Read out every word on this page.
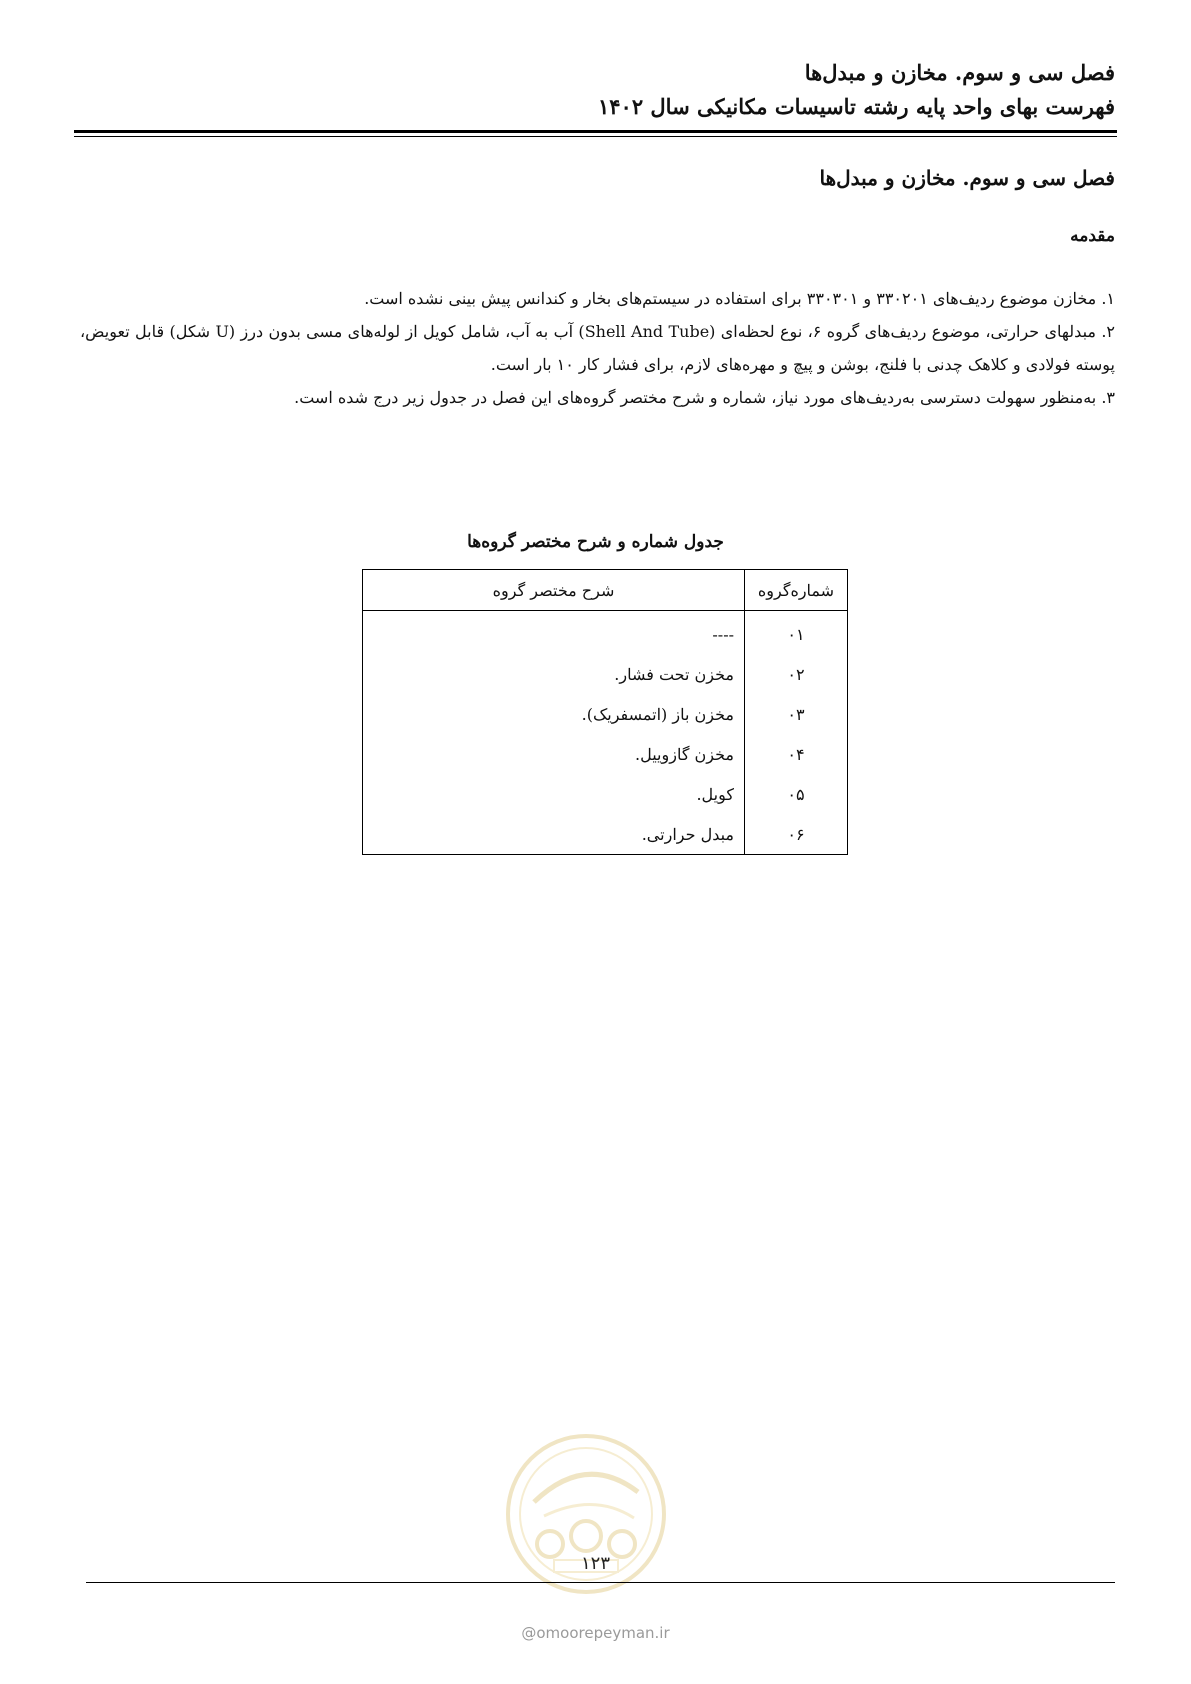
فصل سی و سوم. مخازن و مبدل‌ها
فهرست بهای واحد پایه رشته تاسیسات مکانیکی سال ۱۴۰۲
فصل سی و سوم. مخازن و مبدل‌ها
مقدمه

۱. مخازن موضوع ردیف‌های ۳۳۰۲۰۱ و ۳۳۰۳۰۱ برای استفاده در سیستم‌های بخار و کندانس پیش بینی نشده است.

۲. مبدلهای حرارتی، موضوع ردیف‌های گروه ۶، نوع لحظه‌ای (Shell And Tube) آب به آب، شامل کویل از لوله‌های مسی بدون درز (U شکل) قابل تعویض، پوسته فولادی و کلاهک چدنی با فلنج، بوشن و پیچ و مهره‌های لازم، برای فشار کار ۱۰ بار است.

۳. به‌منظور سهولت دسترسی به‌ردیف‌های مورد نیاز، شماره و شرح مختصر گروه‌های این فصل در جدول زیر درج شده است.

جدول شماره و شرح مختصر گروه‌ها
شماره‌گروه	شرح مختصر گروه
۰۱	----
۰۲	مخزن تحت فشار.
۰۳	مخزن باز (اتمسفریک).
۰۴	مخزن گازوییل.
۰۵	کویل.
۰۶	مبدل حرارتی.
۱۲۳
@omoorepeyman.ir
